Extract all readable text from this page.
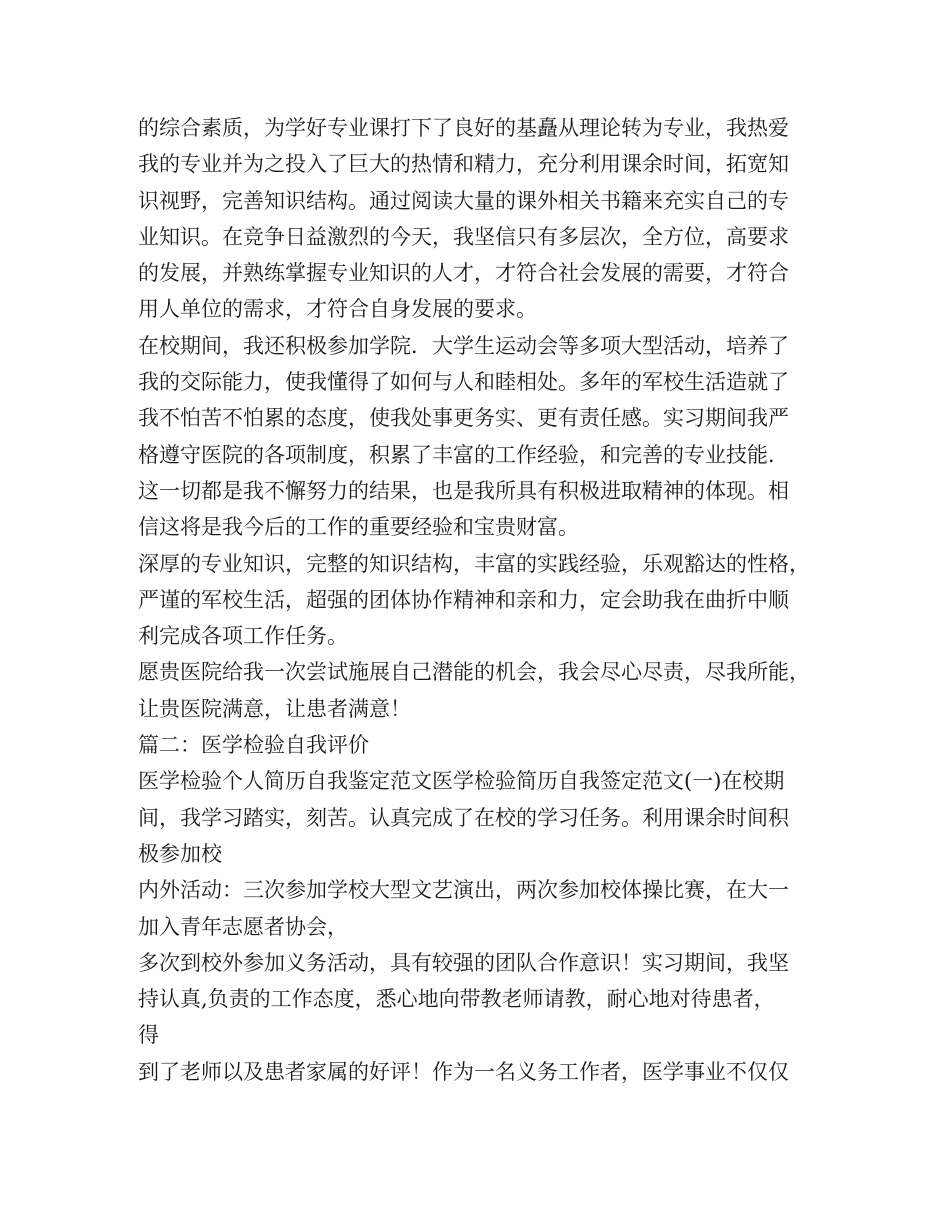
的综合素质，为学好专业课打下了良好的基矗从理论转为专业，我热爱
我的专业并为之投入了巨大的热情和精力，充分利用课余时间，拓宽知
识视野，完善知识结构。通过阅读大量的课外相关书籍来充实自己的专
业知识。在竞争日益激烈的今天，我坚信只有多层次，全方位，高要求
的发展，并熟练掌握专业知识的人才，才符合社会发展的需要，才符合
用人单位的需求，才符合自身发展的要求。
在校期间，我还积极参加学院．大学生运动会等多项大型活动，培养了
我的交际能力，使我懂得了如何与人和睦相处。多年的军校生活造就了
我不怕苦不怕累的态度，使我处事更务实、更有责任感。实习期间我严
格遵守医院的各项制度，积累了丰富的工作经验，和完善的专业技能．
这一切都是我不懈努力的结果，也是我所具有积极进取精神的体现。相
信这将是我今后的工作的重要经验和宝贵财富。
深厚的专业知识，完整的知识结构，丰富的实践经验，乐观豁达的性格，
严谨的军校生活，超强的团体协作精神和亲和力，定会助我在曲折中顺
利完成各项工作任务。
愿贵医院给我一次尝试施展自己潜能的机会，我会尽心尽责，尽我所能，
让贵医院满意，让患者满意！
篇二：医学检验自我评价
医学检验个人简历自我鉴定范文医学检验简历自我签定范文(一)在校期
间，我学习踏实，刻苦。认真完成了在校的学习任务。利用课余时间积
极参加校
内外活动：三次参加学校大型文艺演出，两次参加校体操比赛，在大一
加入青年志愿者协会，
多次到校外参加义务活动，具有较强的团队合作意识！实习期间，我坚
持认真,负责的工作态度，悉心地向带教老师请教，耐心地对待患者，
得
到了老师以及患者家属的好评！作为一名义务工作者，医学事业不仅仅
